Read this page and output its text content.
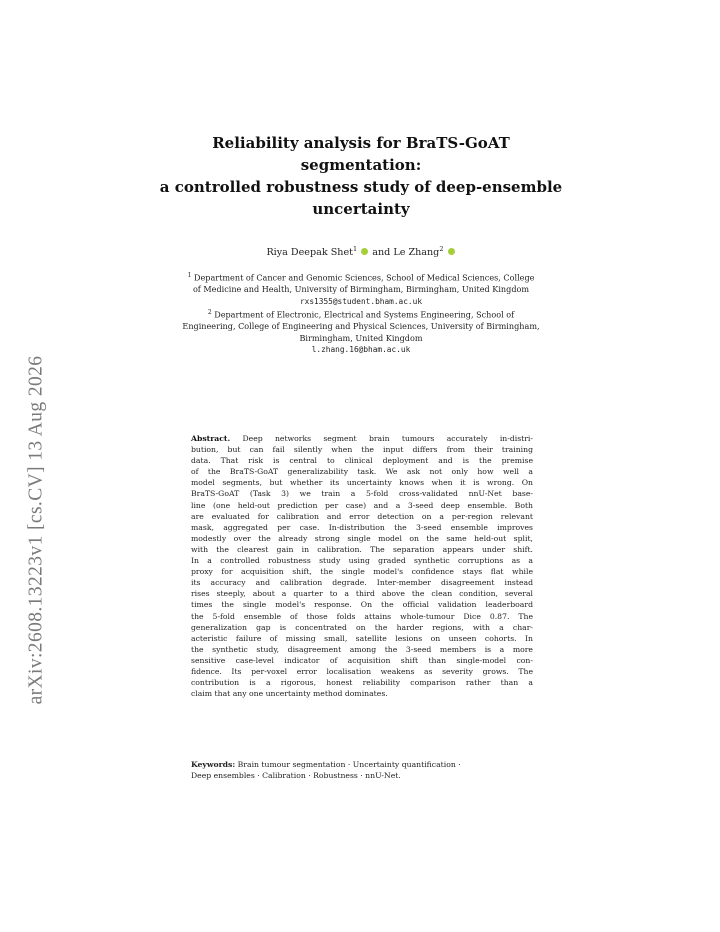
arXiv:2608.13223v1 [cs.CV] 13 Aug 2026
Reliability analysis for BraTS-GoAT
segmentation:
a controlled robustness study of deep-ensemble
uncertainty
Riya Deepak Shet$^1$  and Le Zhang$^2$
$^1$ Department of Cancer and Genomic Sciences, School of Medical Sciences, College
of Medicine and Health, University of Birmingham, Birmingham, United Kingdom
rxs1355@student.bham.ac.uk
$^2$ Department of Electronic, Electrical and Systems Engineering, School of
Engineering, College of Engineering and Physical Sciences, University of Birmingham,
Birmingham, United Kingdom
l.zhang.16@bham.ac.uk
Abstract. Deep networks segment brain tumours accurately in-distri-
bution, but can fail silently when the input differs from their training
data. That risk is central to clinical deployment and is the premise
of the BraTS-GoAT generalizability task. We ask not only how well a
model segments, but whether its uncertainty knows when it is wrong. On
BraTS-GoAT (Task 3) we train a 5-fold cross-validated nnU-Net base-
line (one held-out prediction per case) and a 3-seed deep ensemble. Both
are evaluated for calibration and error detection on a per-region relevant
mask, aggregated per case. In-distribution the 3-seed ensemble improves
modestly over the already strong single model on the same held-out split,
with the clearest gain in calibration. The separation appears under shift.
In a controlled robustness study using graded synthetic corruptions as a
proxy for acquisition shift, the single model's confidence stays flat while
its accuracy and calibration degrade. Inter-member disagreement instead
rises steeply, about a quarter to a third above the clean condition, several
times the single model's response. On the official validation leaderboard
the 5-fold ensemble of those folds attains whole-tumour Dice 0.87. The
generalization gap is concentrated on the harder regions, with a char-
acteristic failure of missing small, satellite lesions on unseen cohorts. In
the synthetic study, disagreement among the 3-seed members is a more
sensitive case-level indicator of acquisition shift than single-model con-
fidence. Its per-voxel error localisation weakens as severity grows. The
contribution is a rigorous, honest reliability comparison rather than a
claim that any one uncertainty method dominates.
Keywords: Brain tumour segmentation · Uncertainty quantification ·
Deep ensembles · Calibration · Robustness · nnU-Net.
